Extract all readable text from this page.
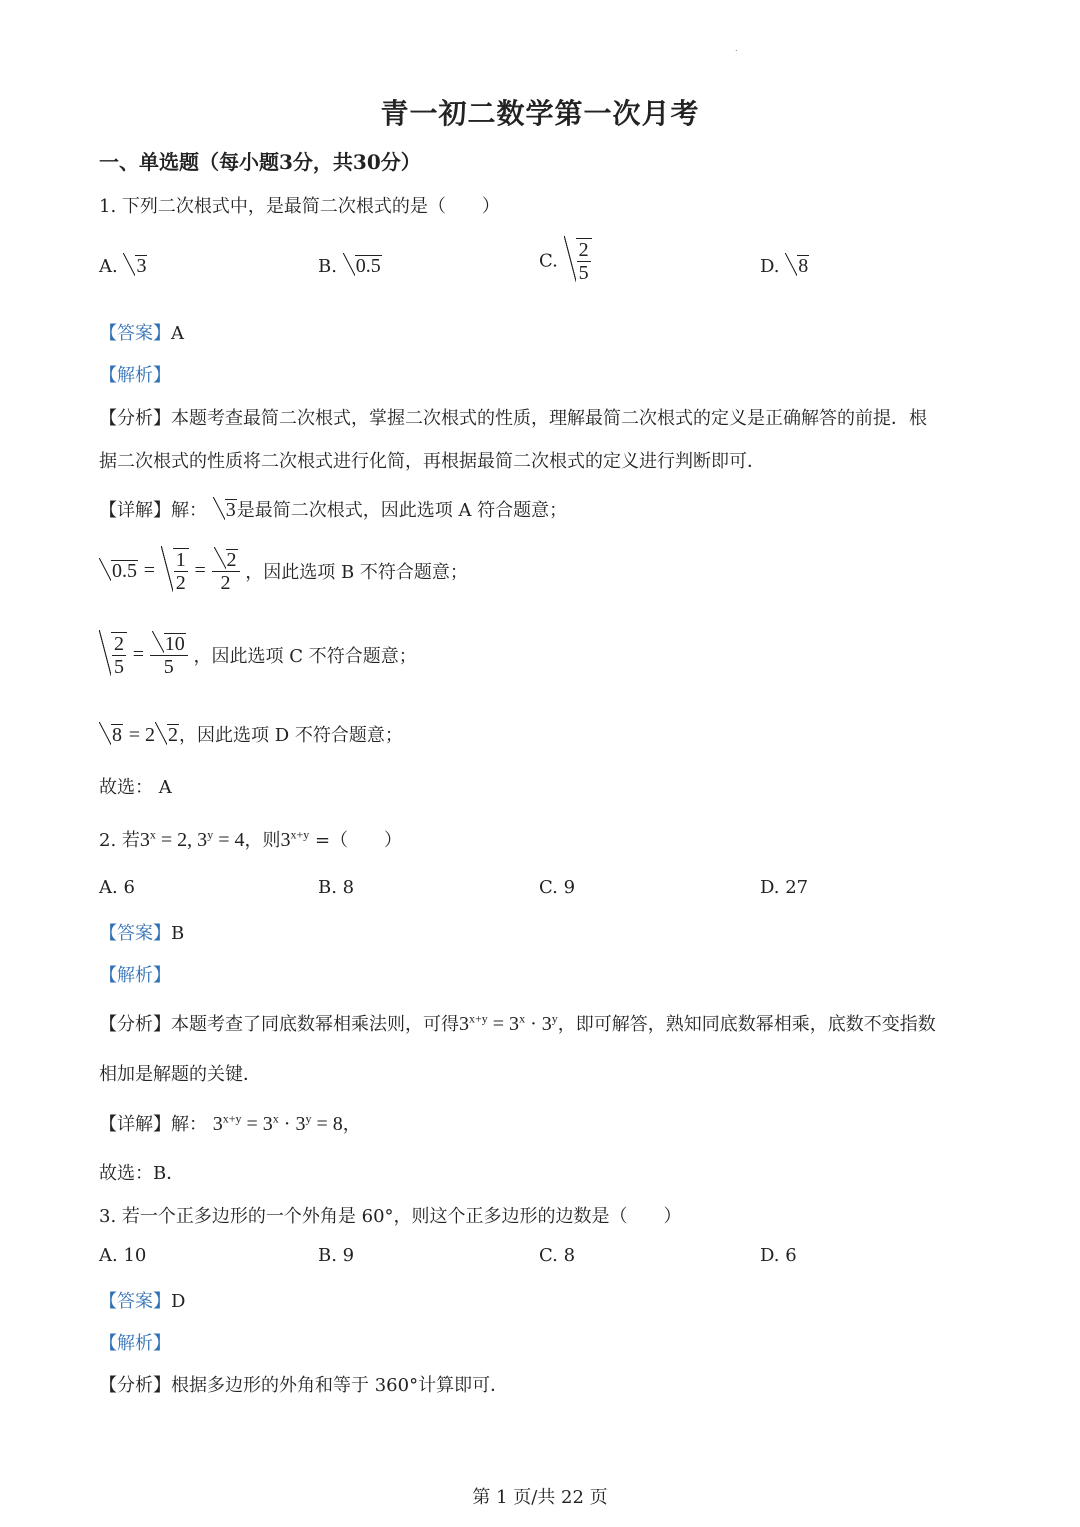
.
青一初二数学第一次月考
一、单选题（每小题3分，共30分）
1. 下列二次根式中，是最简二次根式的是（　　）
A. 3	B. 0.5	C. $\frac{2}{5}$	D. 8
【答案】A
【解析】
【分析】本题考查最简二次根式，掌握二次根式的性质，理解最简二次根式的定义是正确解答的前提．根
据二次根式的性质将二次根式进行化简，再根据最简二次根式的定义进行判断即可．
【详解】解： 3是最简二次根式，因此选项 A 符合题意；
$0.5 = \frac{1}{2} = \frac{2}{2}$ ，因此选项 B 不符合题意；
$\frac{2}{5} = \frac{10}{5}$ ，因此选项 C 不符合题意；
8 = 2 2，因此选项 D 不符合题意；
故选： A
2. 若$3^x = 2$, $3^y = 4$，则$3^{x+y}$ =（　　）
A. 6	B. 8	C. 9	D. 27
【答案】B
【解析】
【分析】本题考查了同底数幂相乘法则，可得$3^{x+y} = 3^x \cdot 3^y$，即可解答，熟知同底数幂相乘，底数不变指数
相加是解题的关键．
【详解】解： $3^{x+y} = 3^x \cdot 3^y = 8$，
故选：B．
3. 若一个正多边形的一个外角是 60°，则这个正多边形的边数是（　　）
A. 10	B. 9	C. 8	D. 6
【答案】D
【解析】
【分析】根据多边形的外角和等于 360°计算即可．
第 1 页/共 22 页
